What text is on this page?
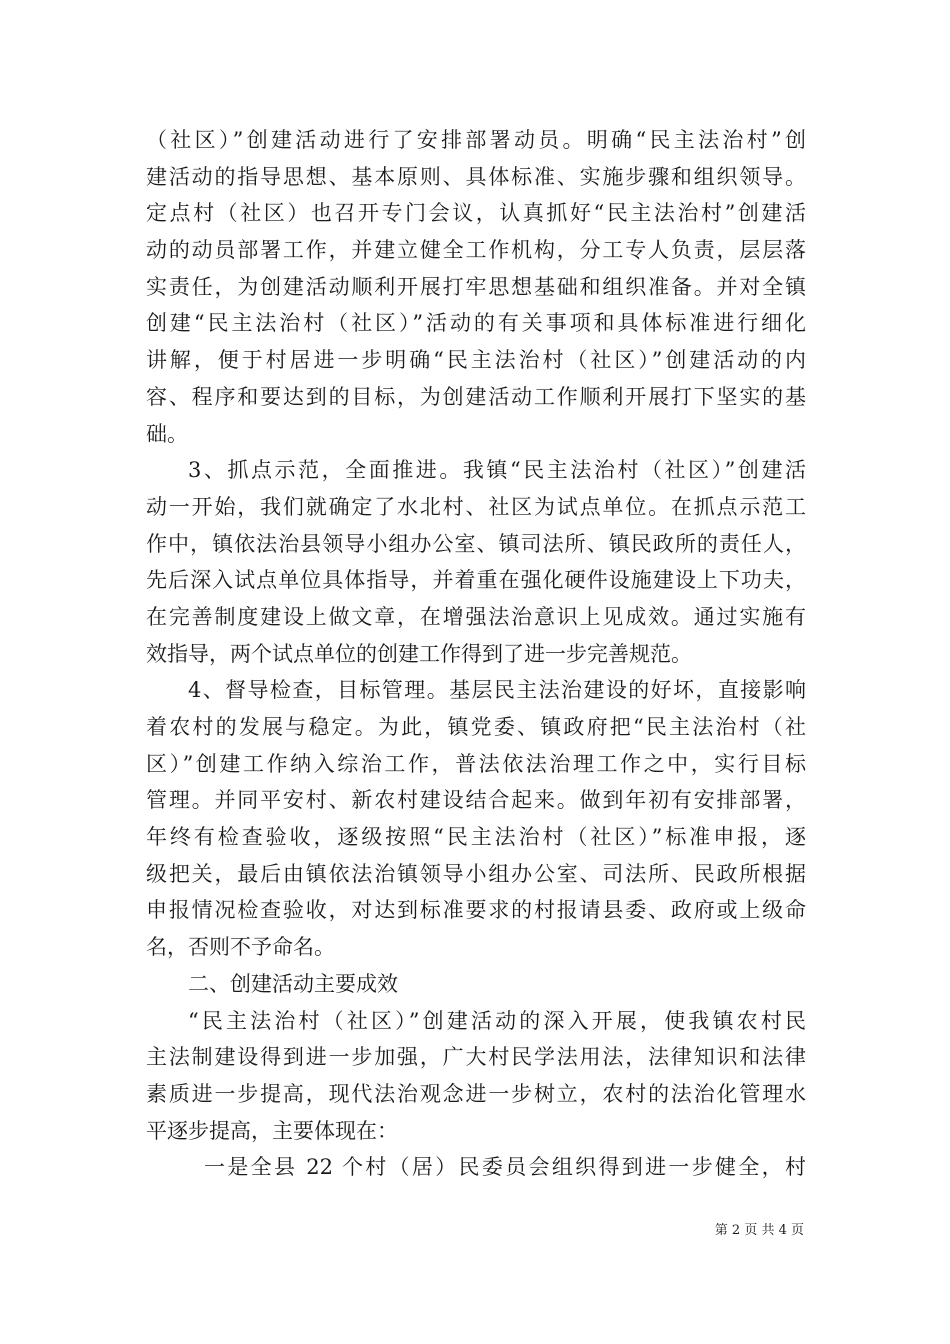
（社区）”创建活动进行了安排部署动员。明确“民主法治村”创
建活动的指导思想、基本原则、具体标准、实施步骤和组织领导。
定点村（社区）也召开专门会议，认真抓好“民主法治村”创建活
动的动员部署工作，并建立健全工作机构，分工专人负责，层层落
实责任，为创建活动顺利开展打牢思想基础和组织准备。并对全镇
创建“民主法治村（社区）”活动的有关事项和具体标准进行细化
讲解，便于村居进一步明确“民主法治村（社区）”创建活动的内
容、程序和要达到的目标，为创建活动工作顺利开展打下坚实的基
础。
3、抓点示范，全面推进。我镇“民主法治村（社区）”创建活
动一开始，我们就确定了水北村、社区为试点单位。在抓点示范工
作中，镇依法治县领导小组办公室、镇司法所、镇民政所的责任人，
先后深入试点单位具体指导，并着重在强化硬件设施建设上下功夫，
在完善制度建设上做文章，在增强法治意识上见成效。通过实施有
效指导，两个试点单位的创建工作得到了进一步完善规范。
4、督导检查，目标管理。基层民主法治建设的好坏，直接影响
着农村的发展与稳定。为此，镇党委、镇政府把“民主法治村（社
区）”创建工作纳入综治工作，普法依法治理工作之中，实行目标
管理。并同平安村、新农村建设结合起来。做到年初有安排部署，
年终有检查验收，逐级按照“民主法治村（社区）”标准申报，逐
级把关，最后由镇依法治镇领导小组办公室、司法所、民政所根据
申报情况检查验收，对达到标准要求的村报请县委、政府或上级命
名，否则不予命名。
二、创建活动主要成效
“民主法治村（社区）”创建活动的深入开展，使我镇农村民
主法制建设得到进一步加强，广大村民学法用法，法律知识和法律
素质进一步提高，现代法治观念进一步树立，农村的法治化管理水
平逐步提高，主要体现在：
一是全县 22 个村（居）民委员会组织得到进一步健全，村
第 2 页 共 4 页
